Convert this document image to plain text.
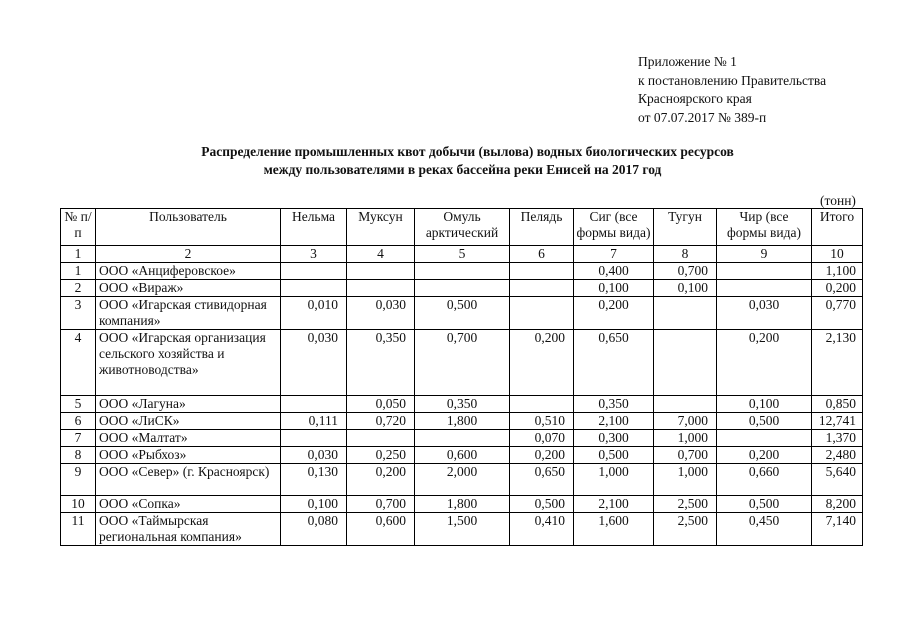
Приложение № 1
к постановлению Правительства
Красноярского края
от 07.07.2017 № 389-п
Распределение промышленных квот добычи (вылова) водных биологических ресурсов
между пользователями в реках бассейна реки Енисей на 2017 год
(тонн)
№ п/п	Пользователь	Нельма	Муксун	Омуль арктический	Пелядь	Сиг (все формы вида)	Тугун	Чир (все формы вида)	Итого
1	2	3	4	5	6	7	8	9	10
1	ООО «Анциферовское»					0,400	0,700		1,100
2	ООО «Вираж»					0,100	0,100		0,200
3	ООО «Игарская стивидорная компания»	0,010	0,030	0,500		0,200		0,030	0,770
4	ООО «Игарская организация сельского хозяйства и животноводства»	0,030	0,350	0,700	0,200	0,650		0,200	2,130
5	ООО «Лагуна»		0,050	0,350		0,350		0,100	0,850
6	ООО «ЛиСК»	0,111	0,720	1,800	0,510	2,100	7,000	0,500	12,741
7	ООО «Малтат»				0,070	0,300	1,000		1,370
8	ООО «Рыбхоз»	0,030	0,250	0,600	0,200	0,500	0,700	0,200	2,480
9	ООО «Север» (г. Красноярск)	0,130	0,200	2,000	0,650	1,000	1,000	0,660	5,640
10	ООО «Сопка»	0,100	0,700	1,800	0,500	2,100	2,500	0,500	8,200
11	ООО «Таймырская региональная компания»	0,080	0,600	1,500	0,410	1,600	2,500	0,450	7,140
